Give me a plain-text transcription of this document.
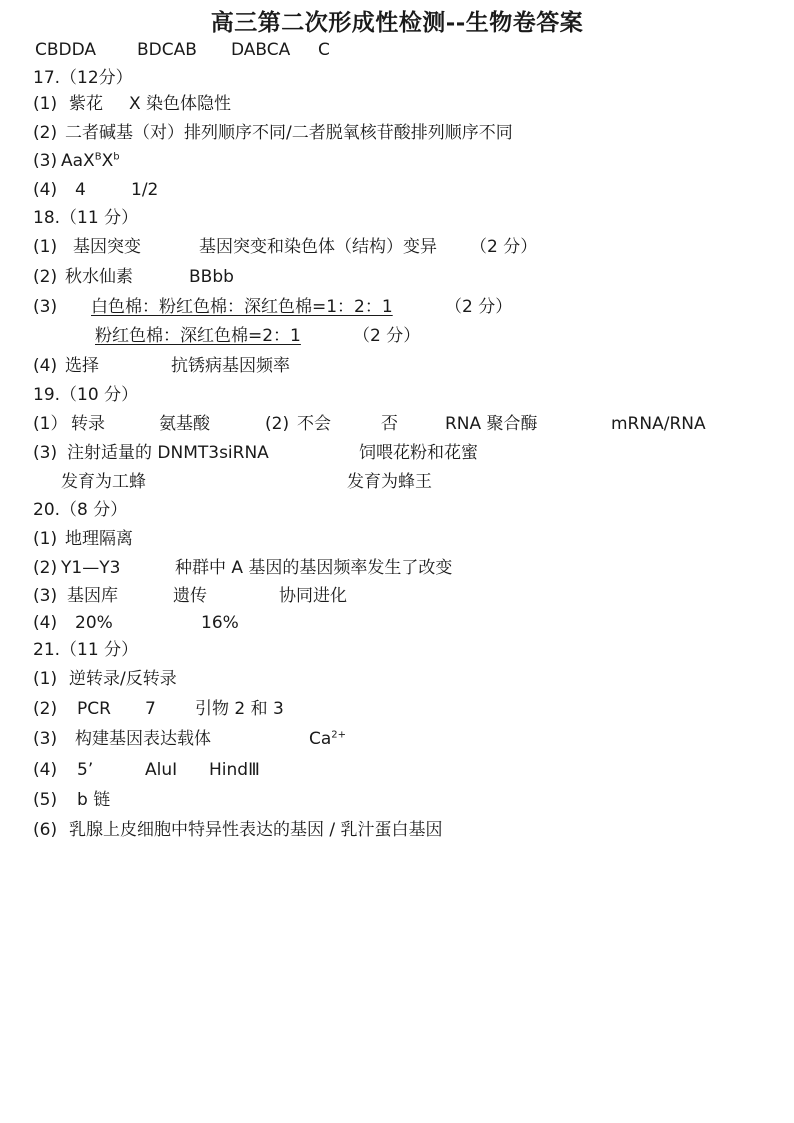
高三第二次形成性检测--生物卷答案
CBDDA BDCAB DABCA C
17.（12分）
(1) 紫花 X 染色体隐性
(2) 二者碱基（对）排列顺序不同/二者脱氧核苷酸排列顺序不同
(3) $AaX^BX^b$
(4) 4	1/2
18.（11 分）
(1) 基因突变	基因突变和染色体（结构）变异 （2 分）
(2) 秋水仙素	BBbb
(3) 白色棉：粉红色棉：深红色棉=1：2：1	（2 分）
粉红色棉：深红色棉=2：1	（2 分）
(4) 选择	抗锈病基因频率
19.（10 分）
(1） 转录	氨基酸	(2) 不会	否	RNA 聚合酶	mRNA/RNA
(3) 注射适量的 DNMT3siRNA	饲喂花粉和花蜜
发育为工蜂	发育为蜂王
20.（8 分）
(1) 地理隔离
(2) Y1—Y3	种群中 A 基因的基因频率发生了改变
(3) 基因库	遗传	协同进化
(4) 20%	16%
21.（11 分）
(1) 逆转录/反转录
(2) PCR 7 引物 2 和 3
(3) 构建基因表达载体	$Ca^{2+}$
(4) 5’	AluI HindⅢ
(5) b 链
(6) 乳腺上皮细胞中特异性表达的基因 / 乳汁蛋白基因
